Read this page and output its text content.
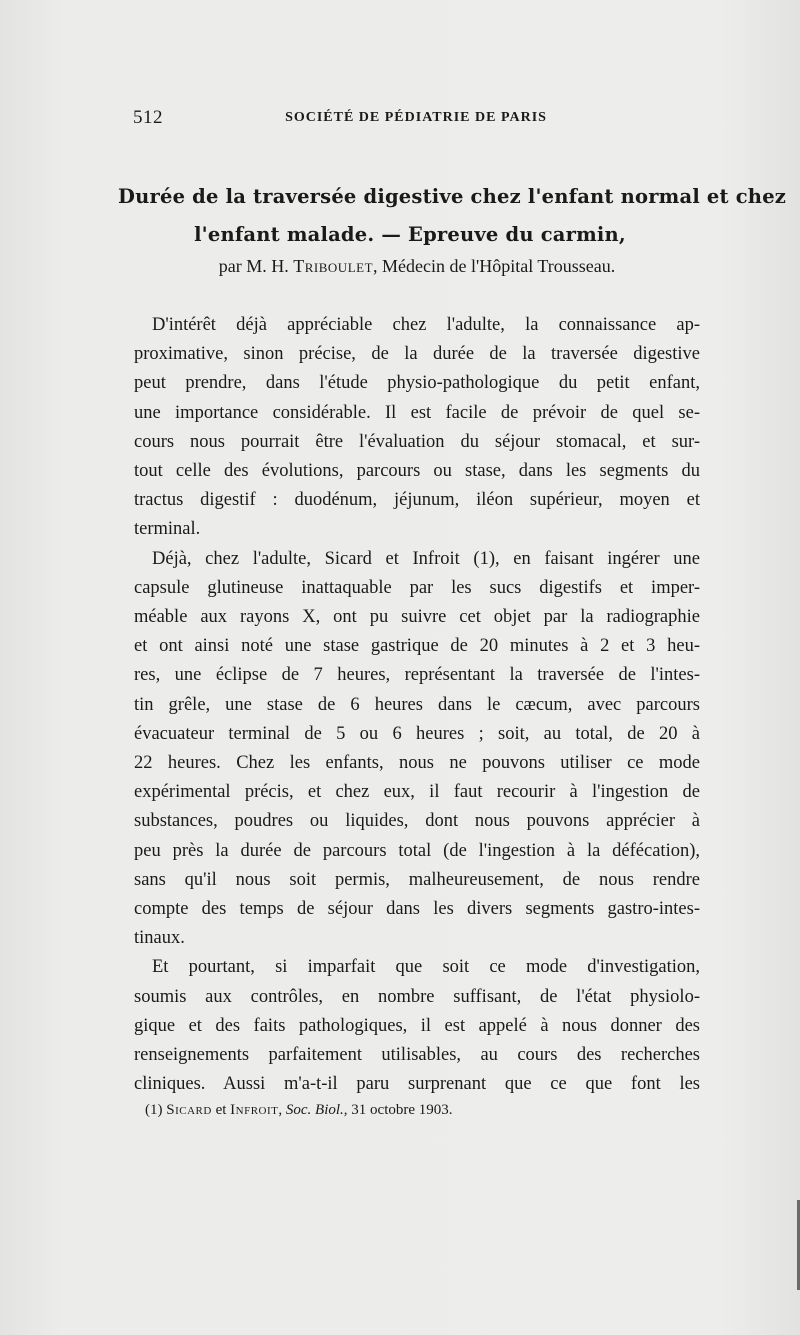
512	SOCIÉTÉ DE PÉDIATRIE DE PARIS
Durée de la traversée digestive chez l'enfant normal et chez
l'enfant malade. — Epreuve du carmin,
par M. H. Triboulet, Médecin de l'Hôpital Trousseau.
D'intérêt déjà appréciable chez l'adulte, la connaissance ap-
proximative, sinon précise, de la durée de la traversée digestive
peut prendre, dans l'étude physio-pathologique du petit enfant,
une importance considérable. Il est facile de prévoir de quel se-
cours nous pourrait être l'évaluation du séjour stomacal, et sur-
tout celle des évolutions, parcours ou stase, dans les segments du
tractus digestif : duodénum, jéjunum, iléon supérieur, moyen et
terminal.
Déjà, chez l'adulte, Sicard et Infroit (1), en faisant ingérer une
capsule glutineuse inattaquable par les sucs digestifs et imper-
méable aux rayons X, ont pu suivre cet objet par la radiographie
et ont ainsi noté une stase gastrique de 20 minutes à 2 et 3 heu-
res, une éclipse de 7 heures, représentant la traversée de l'intes-
tin grêle, une stase de 6 heures dans le cæcum, avec parcours
évacuateur terminal de 5 ou 6 heures ; soit, au total, de 20 à
22 heures. Chez les enfants, nous ne pouvons utiliser ce mode
expérimental précis, et chez eux, il faut recourir à l'ingestion de
substances, poudres ou liquides, dont nous pouvons apprécier à
peu près la durée de parcours total (de l'ingestion à la défécation),
sans qu'il nous soit permis, malheureusement, de nous rendre
compte des temps de séjour dans les divers segments gastro-intes-
tinaux.
Et pourtant, si imparfait que soit ce mode d'investigation,
soumis aux contrôles, en nombre suffisant, de l'état physiolo-
gique et des faits pathologiques, il est appelé à nous donner des
renseignements parfaitement utilisables, au cours des recherches
cliniques. Aussi m'a-t-il paru surprenant que ce que font les
(1) Sicard et Infroit, Soc. Biol., 31 octobre 1903.
